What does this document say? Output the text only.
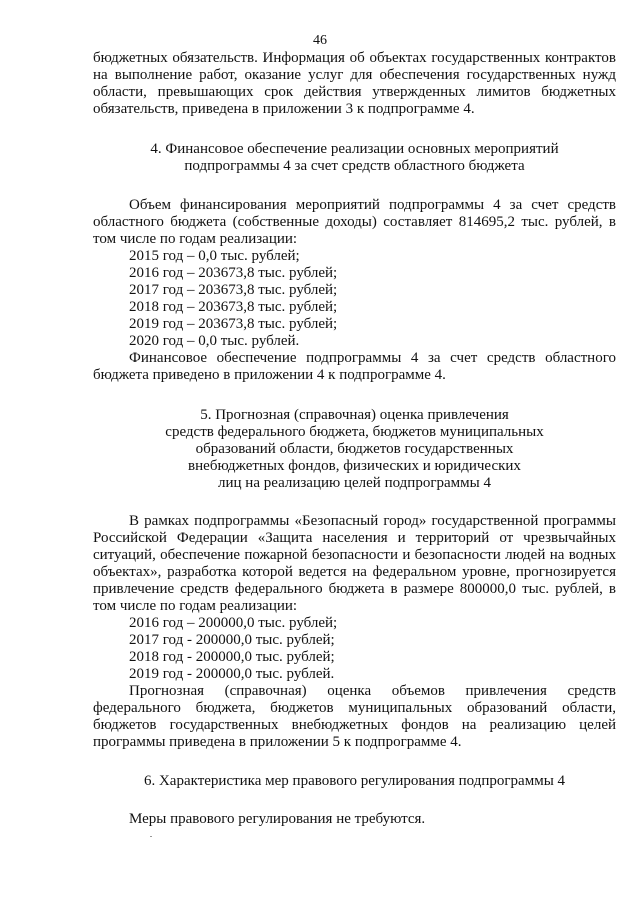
46

бюджетных обязательств. Информация об объектах государственных контрактов на выполнение работ, оказание услуг для обеспечения государственных нужд области, превышающих срок действия утвержденных лимитов бюджетных обязательств, приведена в приложении 3 к подпрограмме 4.

4. Финансовое обеспечение реализации основных мероприятий

подпрограммы 4 за счет средств областного бюджета

Объем финансирования мероприятий подпрограммы 4 за счет средств областного бюджета (собственные доходы) составляет 814695,2 тыс. рублей, в том числе по годам реализации:

2015 год – 0,0 тыс. рублей;

2016 год – 203673,8 тыс. рублей;

2017 год – 203673,8 тыс. рублей;

2018 год – 203673,8 тыс. рублей;

2019 год – 203673,8 тыс. рублей;

2020 год – 0,0 тыс. рублей.

Финансовое обеспечение подпрограммы 4 за счет средств областного бюджета приведено в приложении 4 к подпрограмме 4.

5. Прогнозная (справочная) оценка привлечения

средств федерального бюджета, бюджетов муниципальных

образований области, бюджетов государственных

внебюджетных фондов, физических и юридических

лиц на реализацию целей подпрограммы 4

В рамках подпрограммы «Безопасный город» государственной программы Российской Федерации «Защита населения и территорий от чрезвычайных ситуаций, обеспечение пожарной безопасности и безопасности людей на водных объектах», разработка которой ведется на федеральном уровне, прогнозируется привлечение средств федерального бюджета в размере 800000,0 тыс. рублей, в том числе по годам реализации:

2016 год – 200000,0 тыс. рублей;

2017 год - 200000,0 тыс. рублей;

2018 год - 200000,0 тыс. рублей;

2019 год - 200000,0 тыс. рублей.

Прогнозная (справочная) оценка объемов привлечения средств федерального бюджета, бюджетов муниципальных образований области, бюджетов государственных внебюджетных фондов на реализацию целей программы приведена в приложении 5 к подпрограмме 4.

6. Характеристика мер правового регулирования подпрограммы 4

Меры правового регулирования не требуются.
